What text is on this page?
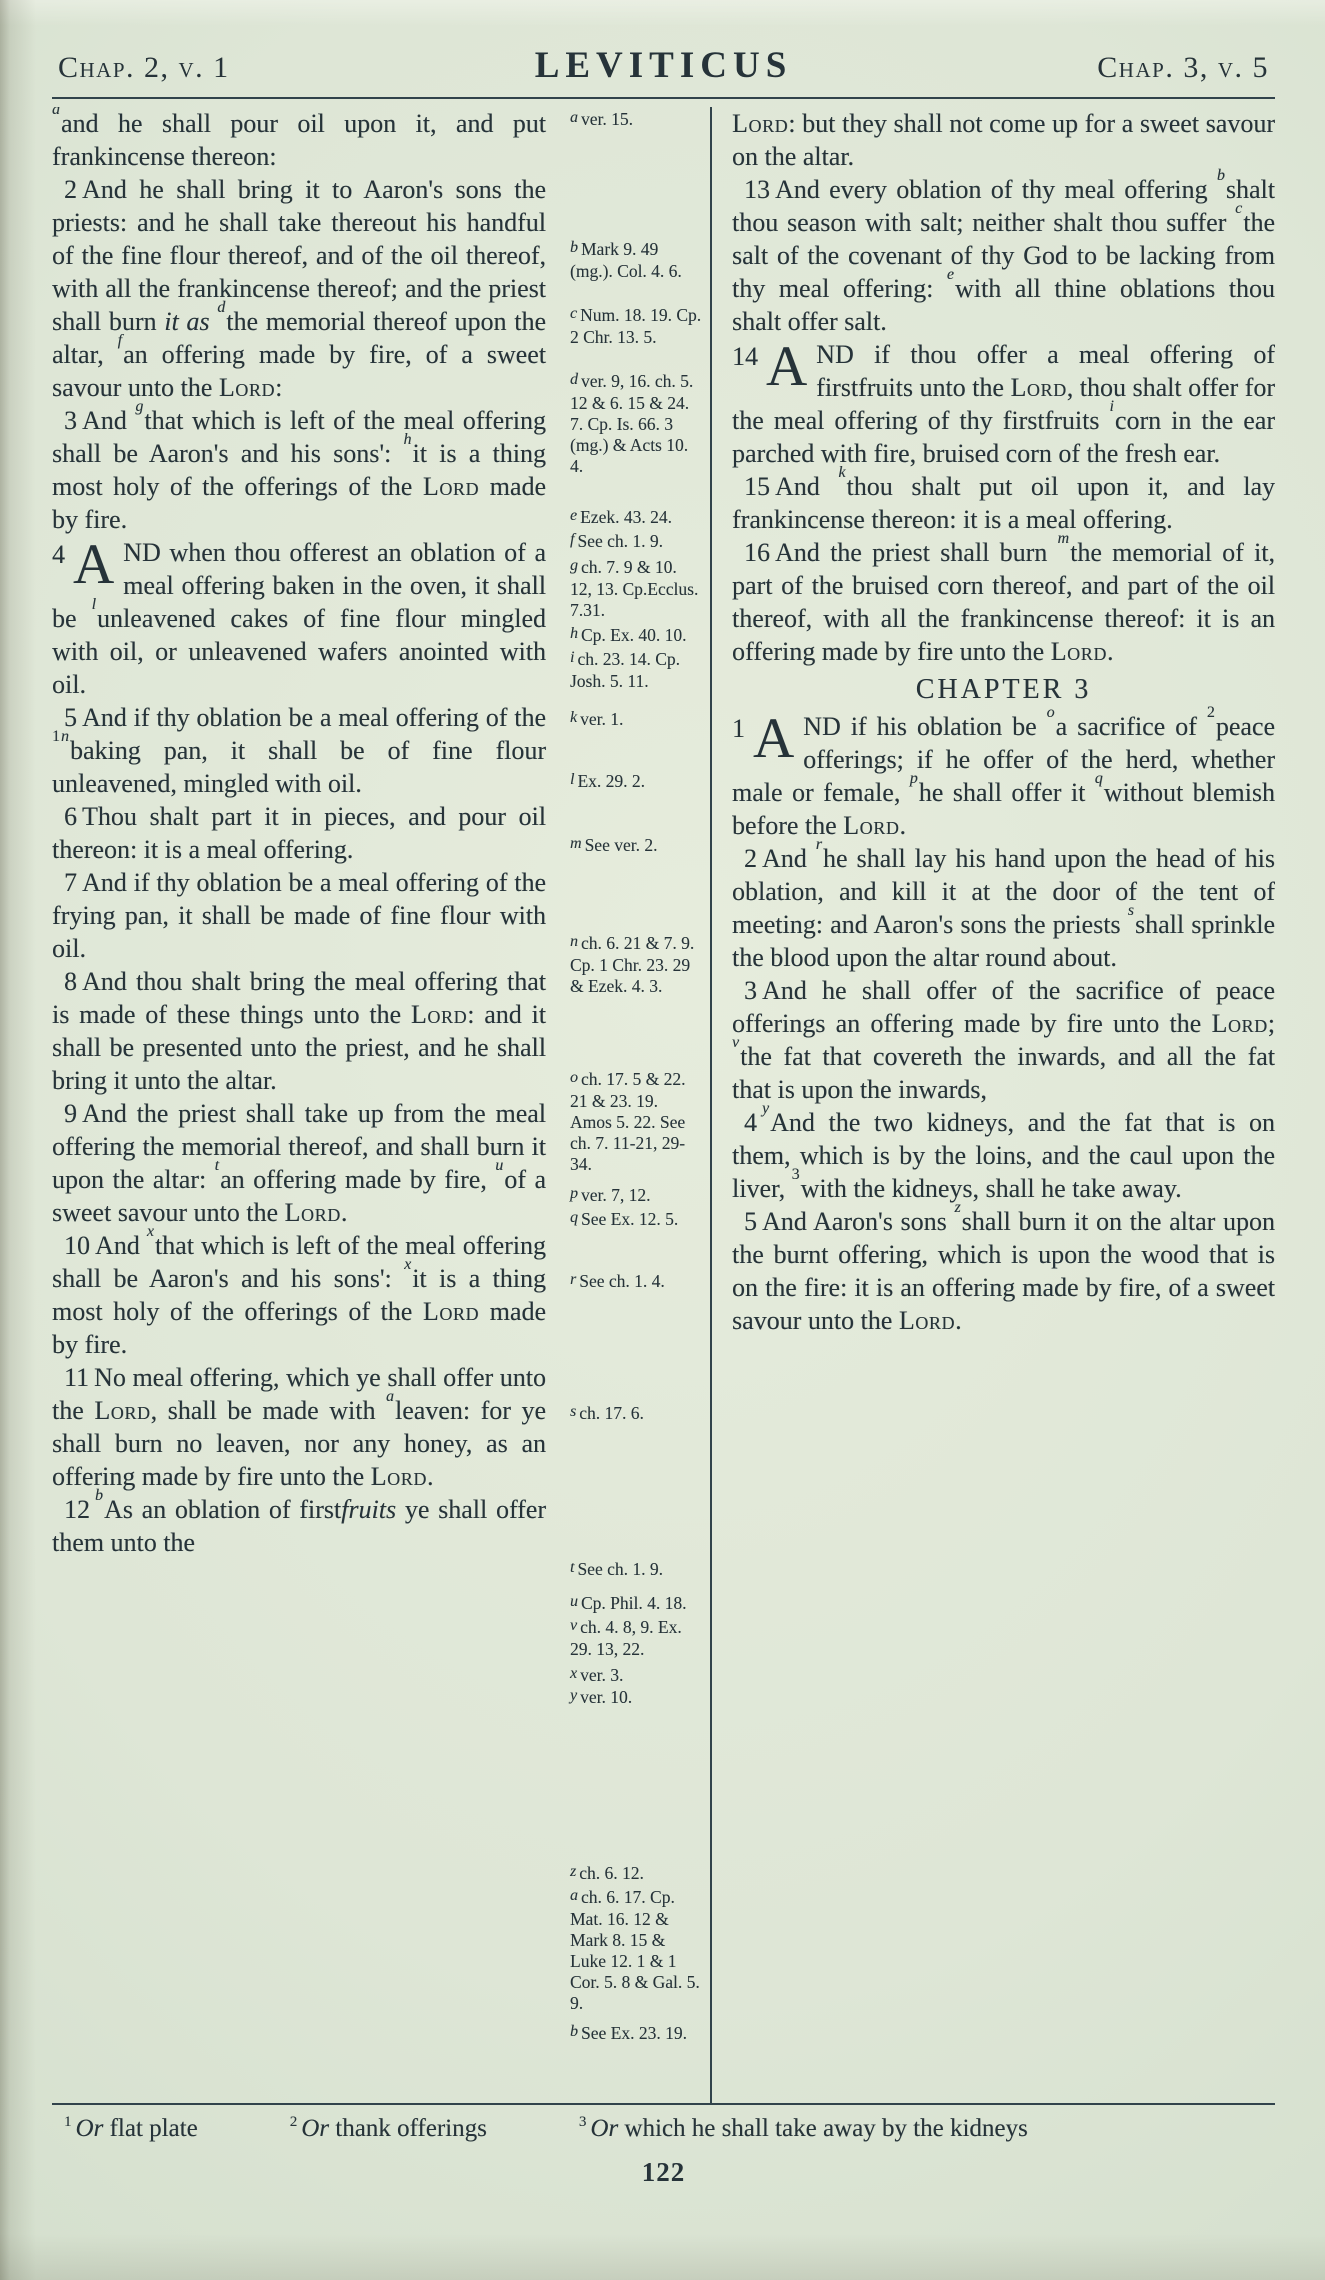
Chap. 2, v. 1	LEVITICUS	Chap. 3, v. 5

$^a$and he shall pour oil upon it, and put frankincense thereon:

2 And he shall bring it to Aaron's sons the priests: and he shall take thereout his handful of the fine flour thereof, and of the oil thereof, with all the frankincense thereof; and the priest shall burn it as $^d$the memorial thereof upon the altar, $^f$an offering made by fire, of a sweet savour unto the Lord:

3 And $^g$that which is left of the meal offering shall be Aaron's and his sons': $^h$it is a thing most holy of the offerings of the Lord made by fire.

4 A ND when thou offerest an oblation of a meal offering baken in the oven, it shall be $^l$unleavened cakes of fine flour mingled with oil, or unleavened wafers anointed with oil.

5 And if thy oblation be a meal offering of the $^{1n}$baking pan, it shall be of fine flour unleavened, mingled with oil.

6 Thou shalt part it in pieces, and pour oil thereon: it is a meal offering.

7 And if thy oblation be a meal offering of the frying pan, it shall be made of fine flour with oil.

8 And thou shalt bring the meal offering that is made of these things unto the Lord: and it shall be presented unto the priest, and he shall bring it unto the altar.

9 And the priest shall take up from the meal offering the memorial thereof, and shall burn it upon the altar: $^t$an offering made by fire, $^u$of a sweet savour unto the Lord.

10 And $^x$that which is left of the meal offering shall be Aaron's and his sons': $^x$it is a thing most holy of the offerings of the Lord made by fire.

11 No meal offering, which ye shall offer unto the Lord, shall be made with $^a$leaven: for ye shall burn no leaven, nor any honey, as an offering made by fire unto the Lord.

12 $^b$As an oblation of firstfruits ye shall offer them unto the

a ver. 15.
b Mark 9. 49 (mg.). Col. 4. 6.
c Num. 18. 19. Cp. 2 Chr. 13. 5.
d ver. 9, 16. ch. 5. 12 & 6. 15 & 24. 7. Cp. Is. 66. 3 (mg.) & Acts 10. 4.
e Ezek. 43. 24.
f See ch. 1. 9.
g ch. 7. 9 & 10. 12, 13. Cp.Ecclus. 7.31.
h Cp. Ex. 40. 10.
i ch. 23. 14. Cp. Josh. 5. 11.
k ver. 1.
l Ex. 29. 2.
m See ver. 2.
n ch. 6. 21 & 7. 9. Cp. 1 Chr. 23. 29 & Ezek. 4. 3.
o ch. 17. 5 & 22. 21 & 23. 19. Amos 5. 22. See ch. 7. 11-21, 29-34.
p ver. 7, 12.
q See Ex. 12. 5.
r See ch. 1. 4.
s ch. 17. 6.
t See ch. 1. 9.
u Cp. Phil. 4. 18.
v ch. 4. 8, 9. Ex. 29. 13, 22.
x ver. 3.
y ver. 10.
z ch. 6. 12.
a ch. 6. 17. Cp. Mat. 16. 12 & Mark 8. 15 & Luke 12. 1 & 1 Cor. 5. 8 & Gal. 5. 9.
b See Ex. 23. 19.

Lord: but they shall not come up for a sweet savour on the altar.

13 And every oblation of thy meal offering $^b$shalt thou season with salt; neither shalt thou suffer $^c$the salt of the covenant of thy God to be lacking from thy meal offering: $^e$with all thine oblations thou shalt offer salt.

14 A ND if thou offer a meal offering of firstfruits unto the Lord, thou shalt offer for the meal offering of thy firstfruits $^i$corn in the ear parched with fire, bruised corn of the fresh ear.

15 And $^k$thou shalt put oil upon it, and lay frankincense thereon: it is a meal offering.

16 And the priest shall burn $^m$the memorial of it, part of the bruised corn thereof, and part of the oil thereof, with all the frankincense thereof: it is an offering made by fire unto the Lord.

CHAPTER 3

1 A ND if his oblation be $^o$a sacrifice of $^2$peace offerings; if he offer of the herd, whether male or female, $^p$he shall offer it $^q$without blemish before the Lord.

2 And $^r$he shall lay his hand upon the head of his oblation, and kill it at the door of the tent of meeting: and Aaron's sons the priests $^s$shall sprinkle the blood upon the altar round about.

3 And he shall offer of the sacrifice of peace offerings an offering made by fire unto the Lord; $^v$the fat that covereth the inwards, and all the fat that is upon the inwards,

4 $^y$And the two kidneys, and the fat that is on them, which is by the loins, and the caul upon the liver, $^3$with the kidneys, shall he take away.

5 And Aaron's sons $^z$shall burn it on the altar upon the burnt offering, which is upon the wood that is on the fire: it is an offering made by fire, of a sweet savour unto the Lord.

$^1$ Or flat plate	$^2$ Or thank offerings	$^3$ Or which he shall take away by the kidneys
122
